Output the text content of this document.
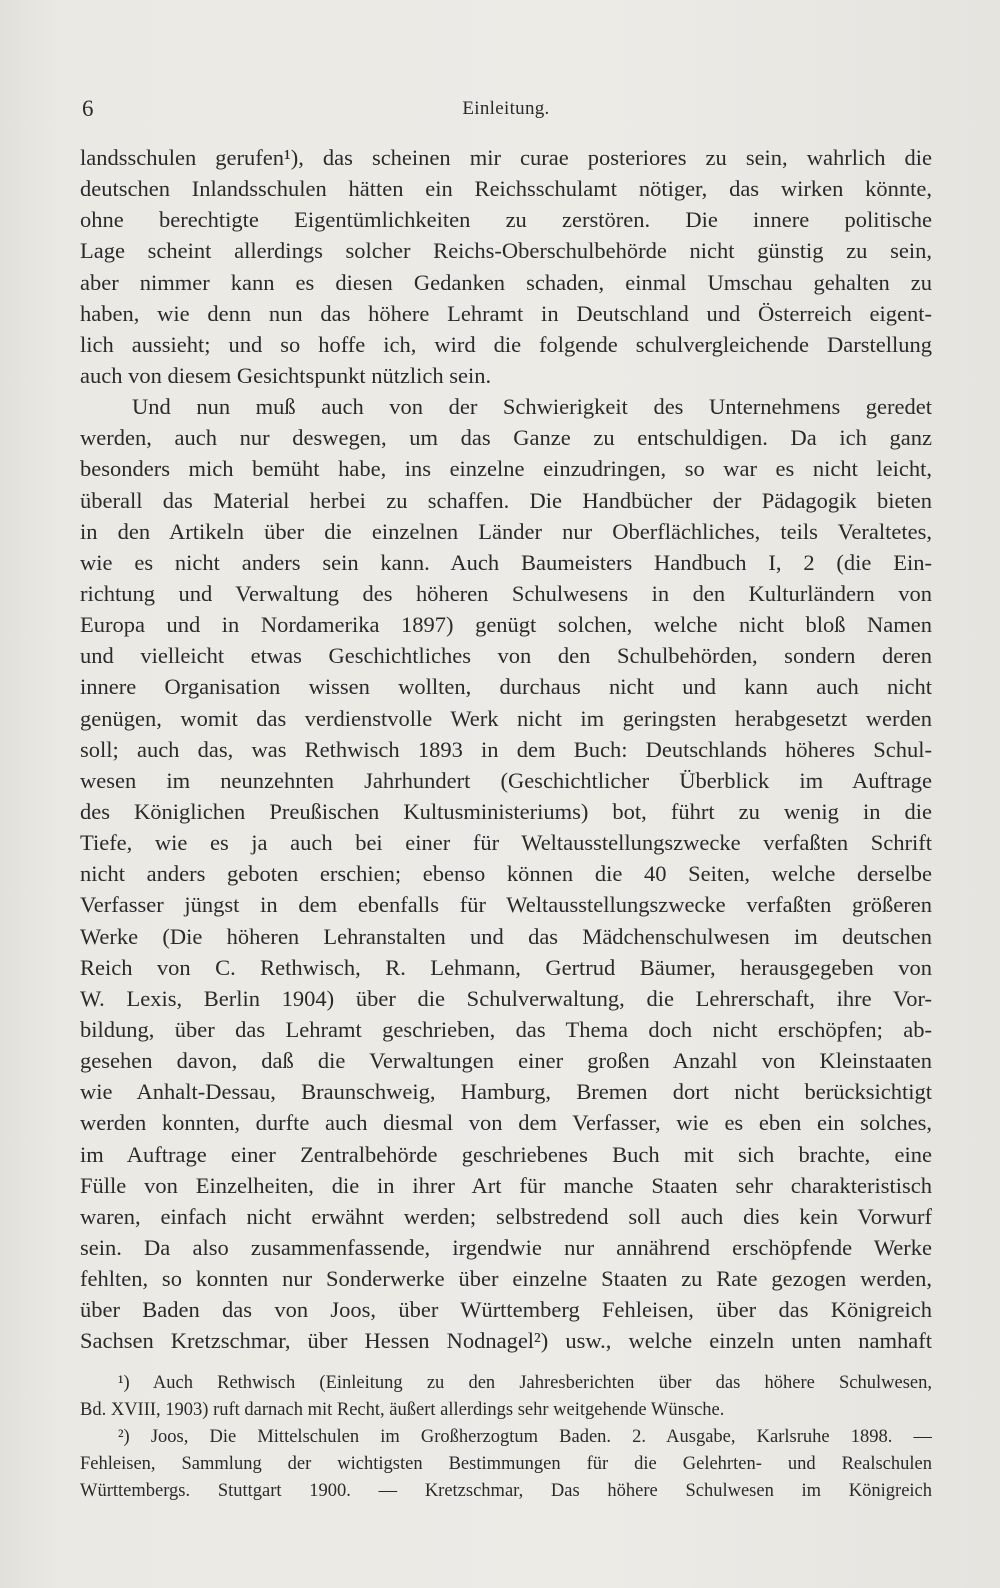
6	Einleitung.
landsschulen gerufen¹), das scheinen mir curae posteriores zu sein, wahrlich die
deutschen Inlandsschulen hätten ein Reichsschulamt nötiger, das wirken könnte,
ohne berechtigte Eigentümlichkeiten zu zerstören. Die innere politische
Lage scheint allerdings solcher Reichs-Oberschulbehörde nicht günstig zu sein,
aber nimmer kann es diesen Gedanken schaden, einmal Umschau gehalten zu
haben, wie denn nun das höhere Lehramt in Deutschland und Österreich eigent-
lich aussieht; und so hoffe ich, wird die folgende schulvergleichende Darstellung
auch von diesem Gesichtspunkt nützlich sein.
Und nun muß auch von der Schwierigkeit des Unternehmens geredet
werden, auch nur deswegen, um das Ganze zu entschuldigen. Da ich ganz
besonders mich bemüht habe, ins einzelne einzudringen, so war es nicht leicht,
überall das Material herbei zu schaffen. Die Handbücher der Pädagogik bieten
in den Artikeln über die einzelnen Länder nur Oberflächliches, teils Veraltetes,
wie es nicht anders sein kann. Auch Baumeisters Handbuch I, 2 (die Ein-
richtung und Verwaltung des höheren Schulwesens in den Kulturländern von
Europa und in Nordamerika 1897) genügt solchen, welche nicht bloß Namen
und vielleicht etwas Geschichtliches von den Schulbehörden, sondern deren
innere Organisation wissen wollten, durchaus nicht und kann auch nicht
genügen, womit das verdienstvolle Werk nicht im geringsten herabgesetzt werden
soll; auch das, was Rethwisch 1893 in dem Buch: Deutschlands höheres Schul-
wesen im neunzehnten Jahrhundert (Geschichtlicher Überblick im Auftrage
des Königlichen Preußischen Kultusministeriums) bot, führt zu wenig in die
Tiefe, wie es ja auch bei einer für Weltausstellungszwecke verfaßten Schrift
nicht anders geboten erschien; ebenso können die 40 Seiten, welche derselbe
Verfasser jüngst in dem ebenfalls für Weltausstellungszwecke verfaßten größeren
Werke (Die höheren Lehranstalten und das Mädchenschulwesen im deutschen
Reich von C. Rethwisch, R. Lehmann, Gertrud Bäumer, herausgegeben von
W. Lexis, Berlin 1904) über die Schulverwaltung, die Lehrerschaft, ihre Vor-
bildung, über das Lehramt geschrieben, das Thema doch nicht erschöpfen; ab-
gesehen davon, daß die Verwaltungen einer großen Anzahl von Kleinstaaten
wie Anhalt-Dessau, Braunschweig, Hamburg, Bremen dort nicht berücksichtigt
werden konnten, durfte auch diesmal von dem Verfasser, wie es eben ein solches,
im Auftrage einer Zentralbehörde geschriebenes Buch mit sich brachte, eine
Fülle von Einzelheiten, die in ihrer Art für manche Staaten sehr charakteristisch
waren, einfach nicht erwähnt werden; selbstredend soll auch dies kein Vorwurf
sein. Da also zusammenfassende, irgendwie nur annährend erschöpfende Werke
fehlten, so konnten nur Sonderwerke über einzelne Staaten zu Rate gezogen werden,
über Baden das von Joos, über Württemberg Fehleisen, über das Königreich
Sachsen Kretzschmar, über Hessen Nodnagel²) usw., welche einzeln unten namhaft
¹) Auch Rethwisch (Einleitung zu den Jahresberichten über das höhere Schulwesen,
Bd. XVIII, 1903) ruft darnach mit Recht, äußert allerdings sehr weitgehende Wünsche.
²) Joos, Die Mittelschulen im Großherzogtum Baden. 2. Ausgabe, Karlsruhe 1898. —
Fehleisen, Sammlung der wichtigsten Bestimmungen für die Gelehrten- und Realschulen
Württembergs. Stuttgart 1900. — Kretzschmar, Das höhere Schulwesen im Königreich
